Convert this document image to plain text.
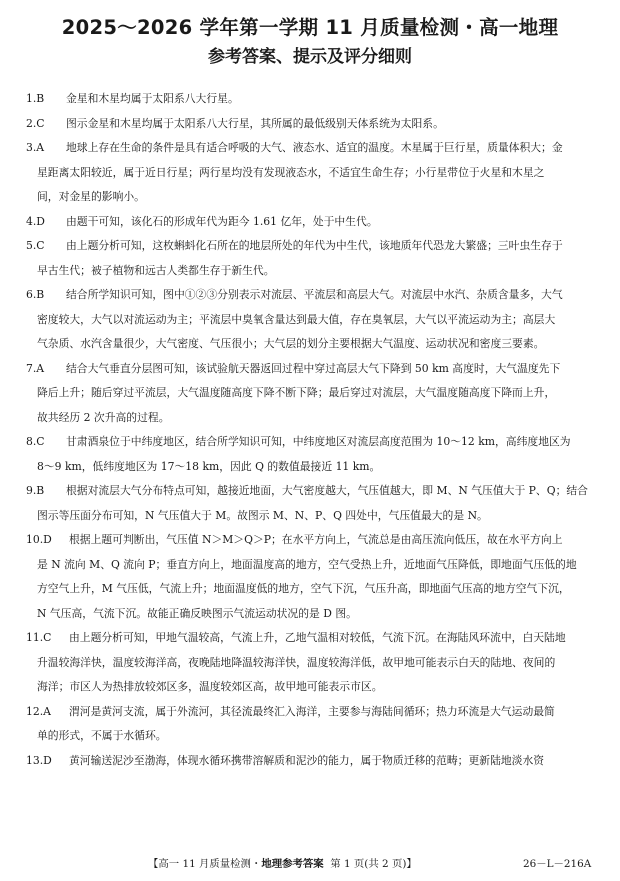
2025～2026 学年第一学期 11 月质量检测・高一地理
参考答案、提示及评分细则
1.B 金星和木星均属于太阳系八大行星。
2.C 图示金星和木星均属于太阳系八大行星，其所属的最低级别天体系统为太阳系。
3.A 地球上存在生命的条件是具有适合呼吸的大气、液态水、适宜的温度。木星属于巨行星，质量体积大；金
星距离太阳较近，属于近日行星；两行星均没有发现液态水，不适宜生命生存；小行星带位于火星和木星之
间，对金星的影响小。
4.D 由题干可知，该化石的形成年代为距今 1.61 亿年，处于中生代。
5.C 由上题分析可知，这枚蝌蚪化石所在的地层所处的年代为中生代，该地质年代恐龙大繁盛；三叶虫生存于
早古生代；被子植物和远古人类都生存于新生代。
6.B 结合所学知识可知，图中①②③分别表示对流层、平流层和高层大气。对流层中水汽、杂质含量多，大气
密度较大，大气以对流运动为主；平流层中臭氧含量达到最大值，存在臭氧层，大气以平流运动为主；高层大
气杂质、水汽含量很少，大气密度、气压很小；大气层的划分主要根据大气温度、运动状况和密度三要素。
7.A 结合大气垂直分层图可知，该试验航天器返回过程中穿过高层大气下降到 50 km 高度时，大气温度先下
降后上升；随后穿过平流层，大气温度随高度下降不断下降；最后穿过对流层，大气温度随高度下降而上升，
故共经历 2 次升高的过程。
8.C 甘肃酒泉位于中纬度地区，结合所学知识可知，中纬度地区对流层高度范围为 10～12 km，高纬度地区为
8～9 km，低纬度地区为 17～18 km，因此 Q 的数值最接近 11 km。
9.B 根据对流层大气分布特点可知，越接近地面，大气密度越大，气压值越大，即 M、N 气压值大于 P、Q；结合
图示等压面分布可知，N 气压值大于 M。故图示 M、N、P、Q 四处中，气压值最大的是 N。
10.D 根据上题可判断出，气压值 N＞M＞Q＞P；在水平方向上，气流总是由高压流向低压，故在水平方向上
是 N 流向 M、Q 流向 P；垂直方向上，地面温度高的地方，空气受热上升，近地面气压降低，即地面气压低的地
方空气上升，M 气压低，气流上升；地面温度低的地方，空气下沉，气压升高，即地面气压高的地方空气下沉，
N 气压高，气流下沉。故能正确反映图示气流运动状况的是 D 图。
11.C 由上题分析可知，甲地气温较高，气流上升，乙地气温相对较低，气流下沉。在海陆风环流中，白天陆地
升温较海洋快，温度较海洋高，夜晚陆地降温较海洋快，温度较海洋低，故甲地可能表示白天的陆地、夜间的
海洋；市区人为热排放较郊区多，温度较郊区高，故甲地可能表示市区。
12.A 渭河是黄河支流，属于外流河，其径流最终汇入海洋，主要参与海陆间循环；热力环流是大气运动最简
单的形式，不属于水循环。
13.D 黄河输送泥沙至渤海，体现水循环携带溶解质和泥沙的能力，属于物质迁移的范畴；更新陆地淡水资
【高一 11 月质量检测・地理参考答案 第 1 页(共 2 页)】	26－L－216A
